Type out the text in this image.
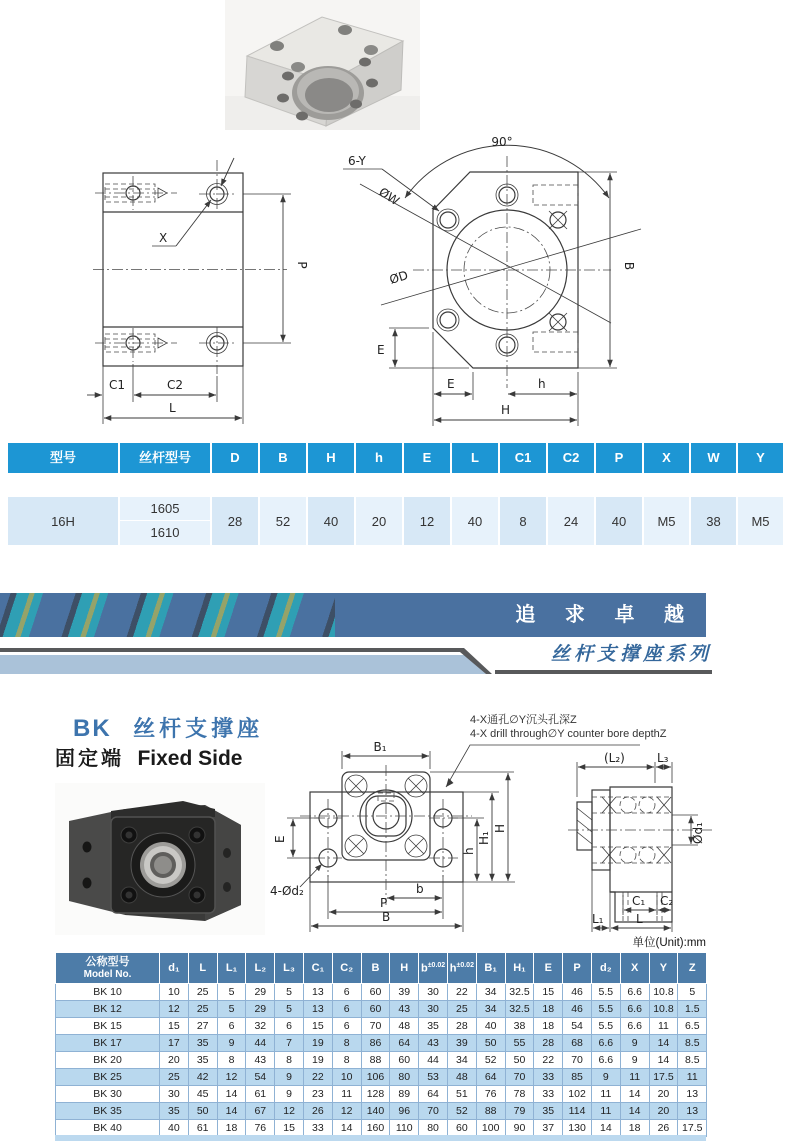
X
P
C1	C2
L
90°
6-Y
ØW
ØD
B
E
E	h
H
型号	丝杆型号	D	B	H	h	E	L	C1	C2	P	X	W	Y
16H
1605
1610
28	52	40	20	12	40	8	24	40	M5	38	M5
追 求 卓 越
丝杆支撑座系列
BK 丝杆支撑座
固定端 Fixed Side
4-X通孔∅Y沉头孔深Z
4-X drill through∅Y counter bore depthZ
B₁
E
4-Ød₂	b
P
B
h
H₁
H
(L₂)	L₃
Ød₁
C₁ C₂
L₁	L
单位(Unit):mm
公称型号
Model No.	d₁	L	L₁	L₂	L₃	C₁	C₂	B	H	$b^{\pm 0.02}$	$h^{\pm 0.02}$	B₁	H₁	E	P	d₂	X	Y	Z
BK 10	10	25	5	29	5	13	6	60	39	30	22	34	32.5	15	46	5.5	6.6	10.8	5
BK 12	12	25	5	29	5	13	6	60	43	30	25	34	32.5	18	46	5.5	6.6	10.8	1.5
BK 15	15	27	6	32	6	15	6	70	48	35	28	40	38	18	54	5.5	6.6	11	6.5
BK 17	17	35	9	44	7	19	8	86	64	43	39	50	55	28	68	6.6	9	14	8.5
BK 20	20	35	8	43	8	19	8	88	60	44	34	52	50	22	70	6.6	9	14	8.5
BK 25	25	42	12	54	9	22	10	106	80	53	48	64	70	33	85	9	11	17.5	11
BK 30	30	45	14	61	9	23	11	128	89	64	51	76	78	33	102	11	14	20	13
BK 35	35	50	14	67	12	26	12	140	96	70	52	88	79	35	114	11	14	20	13
BK 40	40	61	18	76	15	33	14	160	110	80	60	100	90	37	130	14	18	26	17.5
